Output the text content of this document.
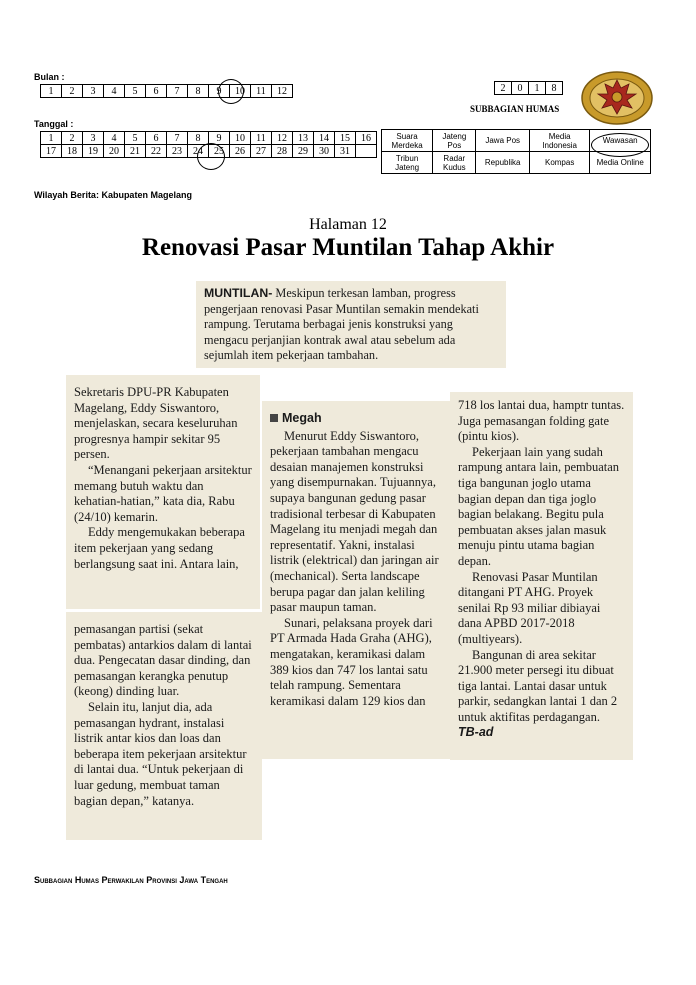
Bulan :
1	2	3	4	5	6	7	8	9	10	11	12
Tanggal :
1	2	3	4	5	6	7	8	9	10	11	12	13	14	15	16
17	18	19	20	21	22	23	24	25	26	27	28	29	30	31	
2	0	1	8
SUBBAGIAN HUMAS
Suara Merdeka	Jateng Pos	Jawa Pos	Media Indonesia	Wawasan
Tribun Jateng	Radar Kudus	Republika	Kompas	Media Online
Wilayah Berita: Kabupaten Magelang
Halaman 12
Renovasi Pasar Muntilan Tahap Akhir

MUNTILAN- Meskipun terkesan lamban, progress pengerjaan renovasi Pasar Muntilan semakin mendekati rampung. Terutama berbagai jenis konstruksi yang mengacu perjanjian kontrak awal atau sebelum ada sejumlah item pekerjaan tambahan.

Sekretaris DPU-PR Kabupaten Magelang, Eddy Siswantoro, menjelaskan, secara keseluruhan progresnya hampir sekitar 95 persen.

“Menangani pekerjaan arsitektur memang butuh waktu dan kehatian-hatian,” kata dia, Rabu (24/10) kemarin.

Eddy mengemukakan beberapa item pekerjaan yang sedang berlangsung saat ini. Antara lain,

pemasangan partisi (sekat pembatas) antarkios dalam di lantai dua. Pengecatan dasar dinding, dan pemasangan kerangka penutup (keong) dinding luar.

Selain itu, lanjut dia, ada pemasangan hydrant, instalasi listrik antar kios dan loas dan beberapa item pekerjaan arsitektur di lantai dua. “Untuk pekerjaan di luar gedung, membuat taman bagian depan,” katanya.

Megah

Menurut Eddy Siswantoro, pekerjaan tambahan mengacu desaian manajemen konstruksi yang disempurnakan. Tujuannya, supaya bangunan gedung pasar tradisional terbesar di Kabupaten Magelang itu menjadi megah dan representatif. Yakni, instalasi listrik (elektrical) dan jaringan air (mechanical). Serta landscape berupa pagar dan jalan keliling pasar maupun taman.

Sunari, pelaksana proyek dari PT Armada Hada Graha (AHG), mengatakan, keramikasi dalam 389 kios dan 747 los lantai satu telah rampung. Sementara keramikasi dalam 129 kios dan

718 los lantai dua, hamptr tuntas. Juga pemasangan folding gate (pintu kios).

Pekerjaan lain yang sudah rampung antara lain, pembuatan tiga bangunan joglo utama bagian depan dan tiga joglo bagian belakang. Begitu pula pembuatan akses jalan masuk menuju pintu utama bagian depan.

Renovasi Pasar Muntilan ditangani PT AHG. Proyek senilai Rp 93 miliar dibiayai dana APBD 2017-2018 (multiyears).

Bangunan di area sekitar 21.900 meter persegi itu dibuat tiga lantai. Lantai dasar untuk parkir, sedangkan lantai 1 dan 2 untuk aktifitas perdagangan.

TB-ad

Subbagian Humas Perwakilan Provinsi Jawa Tengah
